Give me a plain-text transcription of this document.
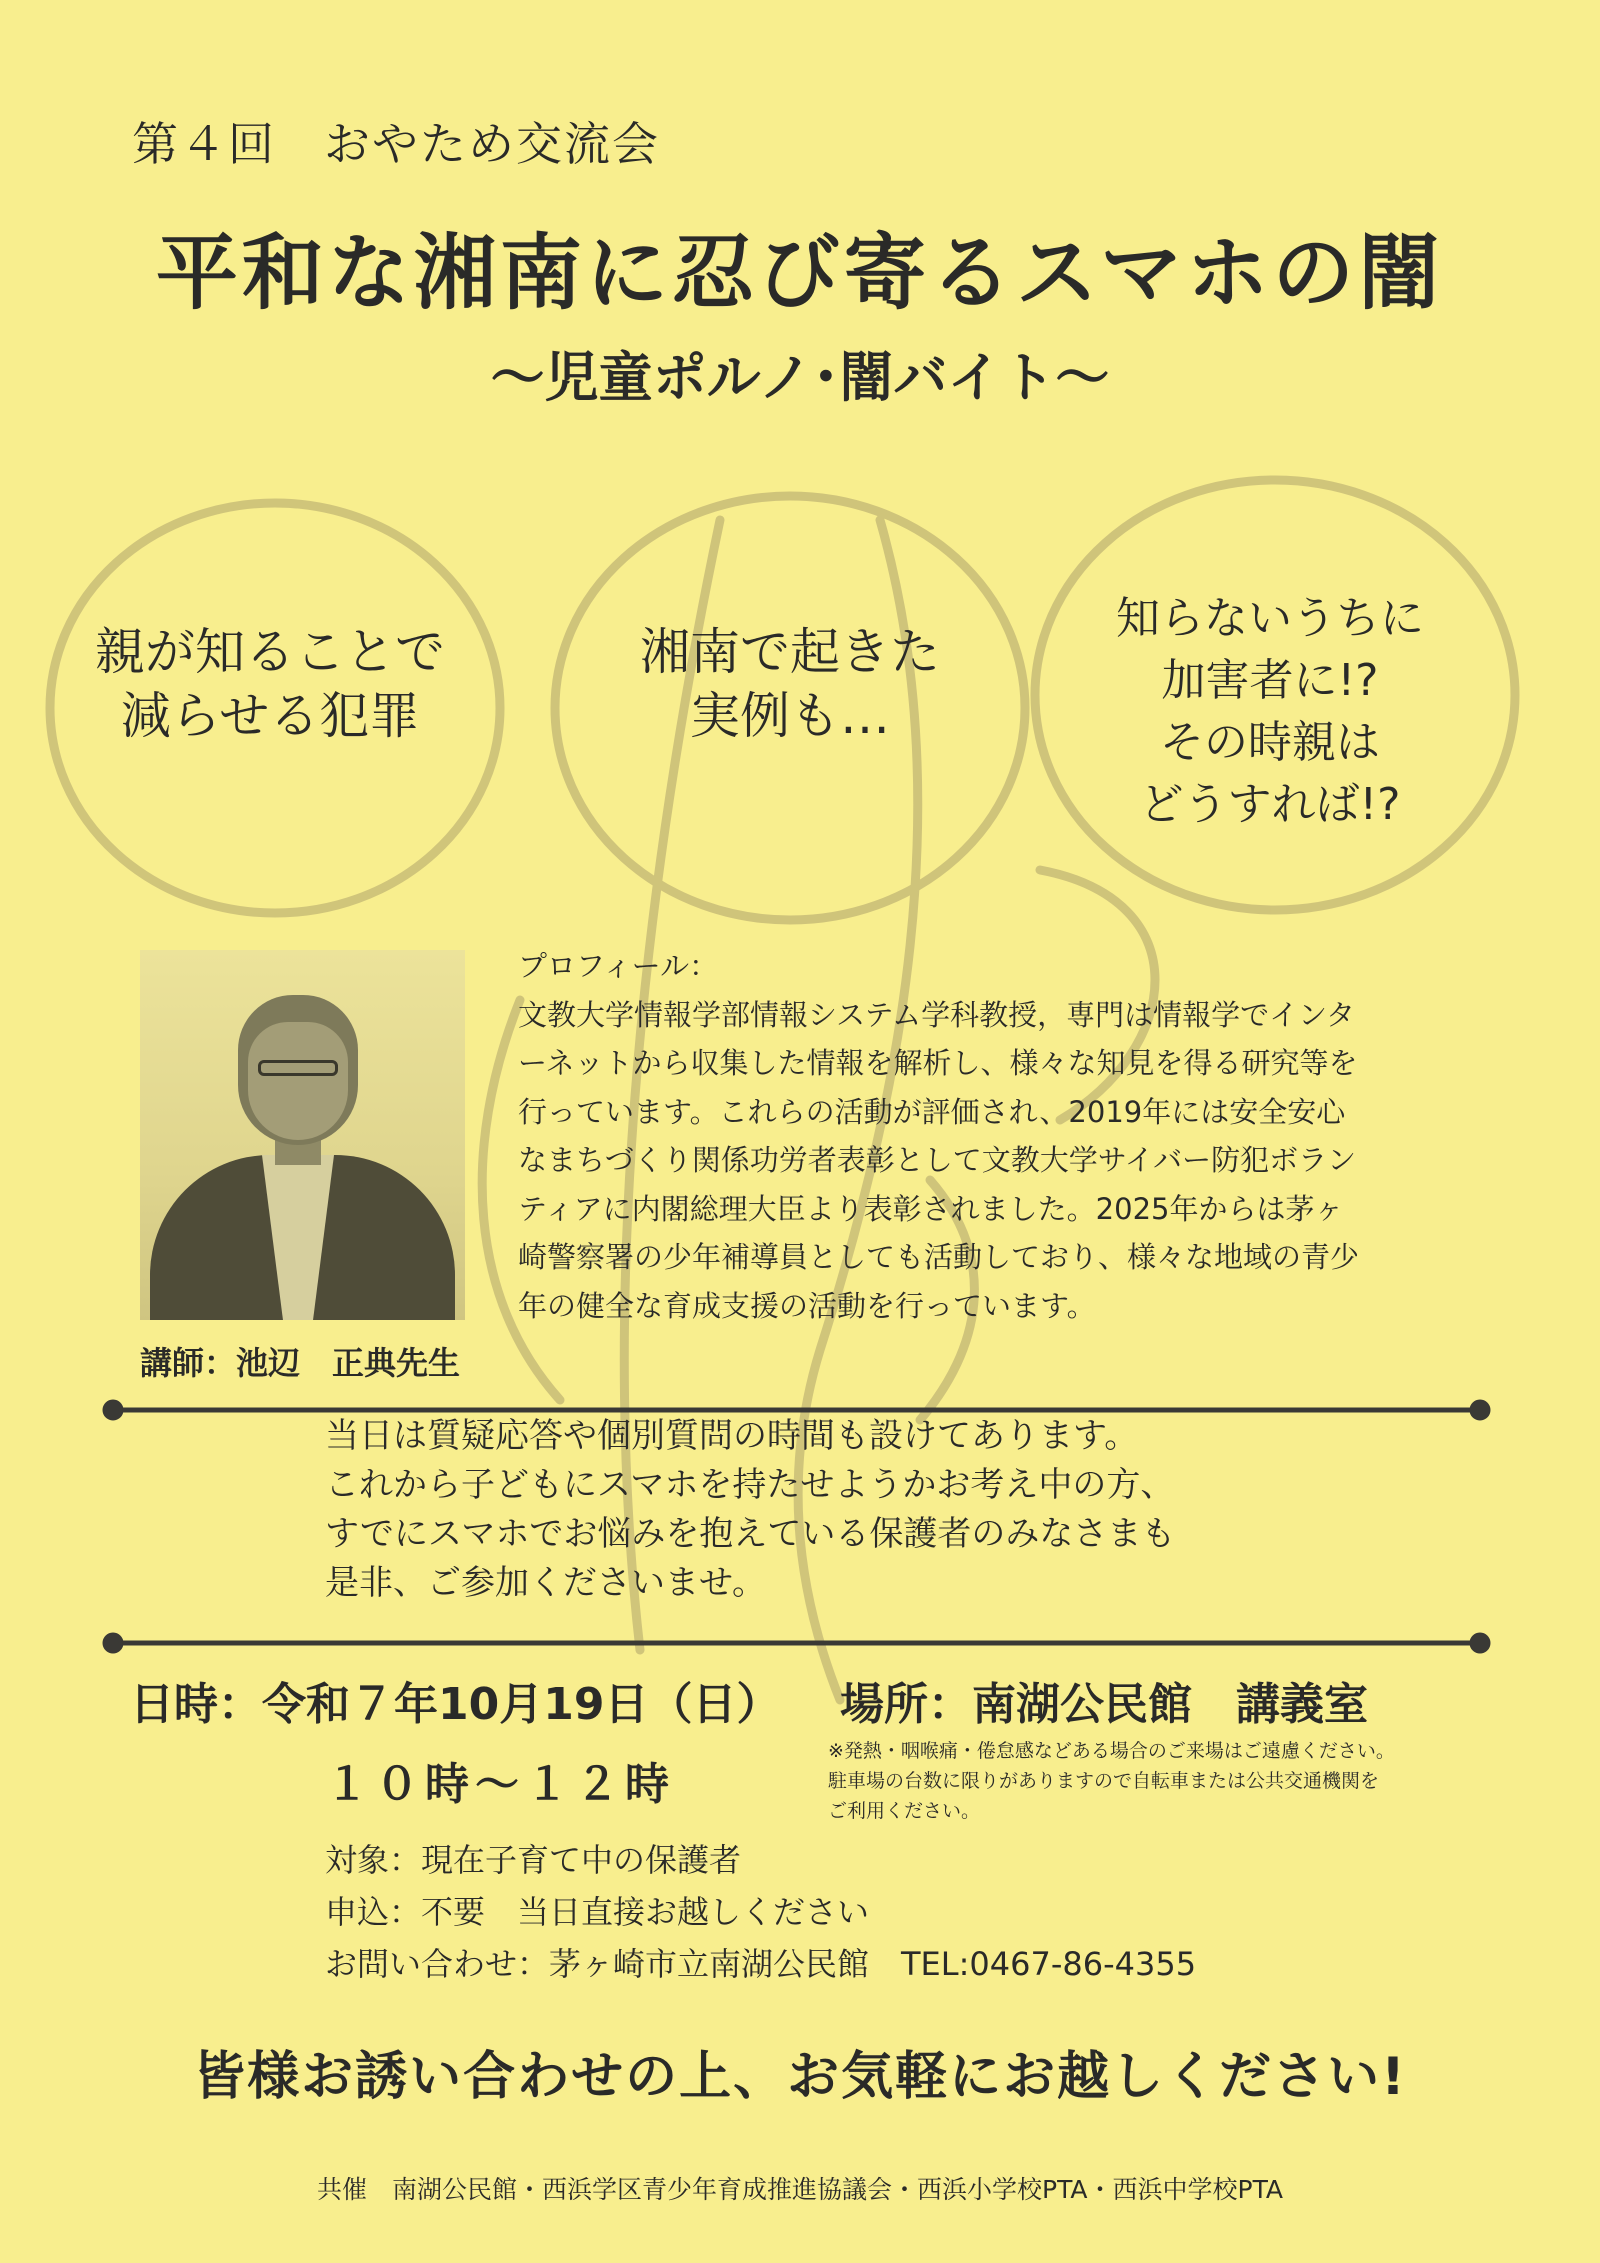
第４回　おやため交流会
平和な湘南に忍び寄るスマホの闇
～児童ポルノ･闇バイト～
親が知ることで
減らせる犯罪
湘南で起きた
実例も…
知らないうちに
加害者に!?
その時親は
どうすれば!?
講師：池辺　正典先生
プロフィール：
文教大学情報学部情報システム学科教授，専門は情報学でインタ
ーネットから収集した情報を解析し、様々な知見を得る研究等を
行っています。これらの活動が評価され、2019年には安全安心
なまちづくり関係功労者表彰として文教大学サイバー防犯ボラン
ティアに内閣総理大臣より表彰されました。2025年からは茅ヶ
崎警察署の少年補導員としても活動しており、様々な地域の青少
年の健全な育成支援の活動を行っています。
当日は質疑応答や個別質問の時間も設けてあります。
これから子どもにスマホを持たせようかお考え中の方、
すでにスマホでお悩みを抱えている保護者のみなさまも
是非、ご参加くださいませ。
日時：令和７年10月19日（日）
１０時～１２時
場所：南湖公民館　講義室
※発熱・咽喉痛・倦怠感などある場合のご来場はご遠慮ください。
駐車場の台数に限りがありますので自転車または公共交通機関を
ご利用ください。
対象：現在子育て中の保護者
申込：不要　当日直接お越しください
お問い合わせ：茅ヶ崎市立南湖公民館　TEL:0467-86-4355
皆様お誘い合わせの上、お気軽にお越しください!
共催　南湖公民館・西浜学区青少年育成推進協議会・西浜小学校PTA・西浜中学校PTA
